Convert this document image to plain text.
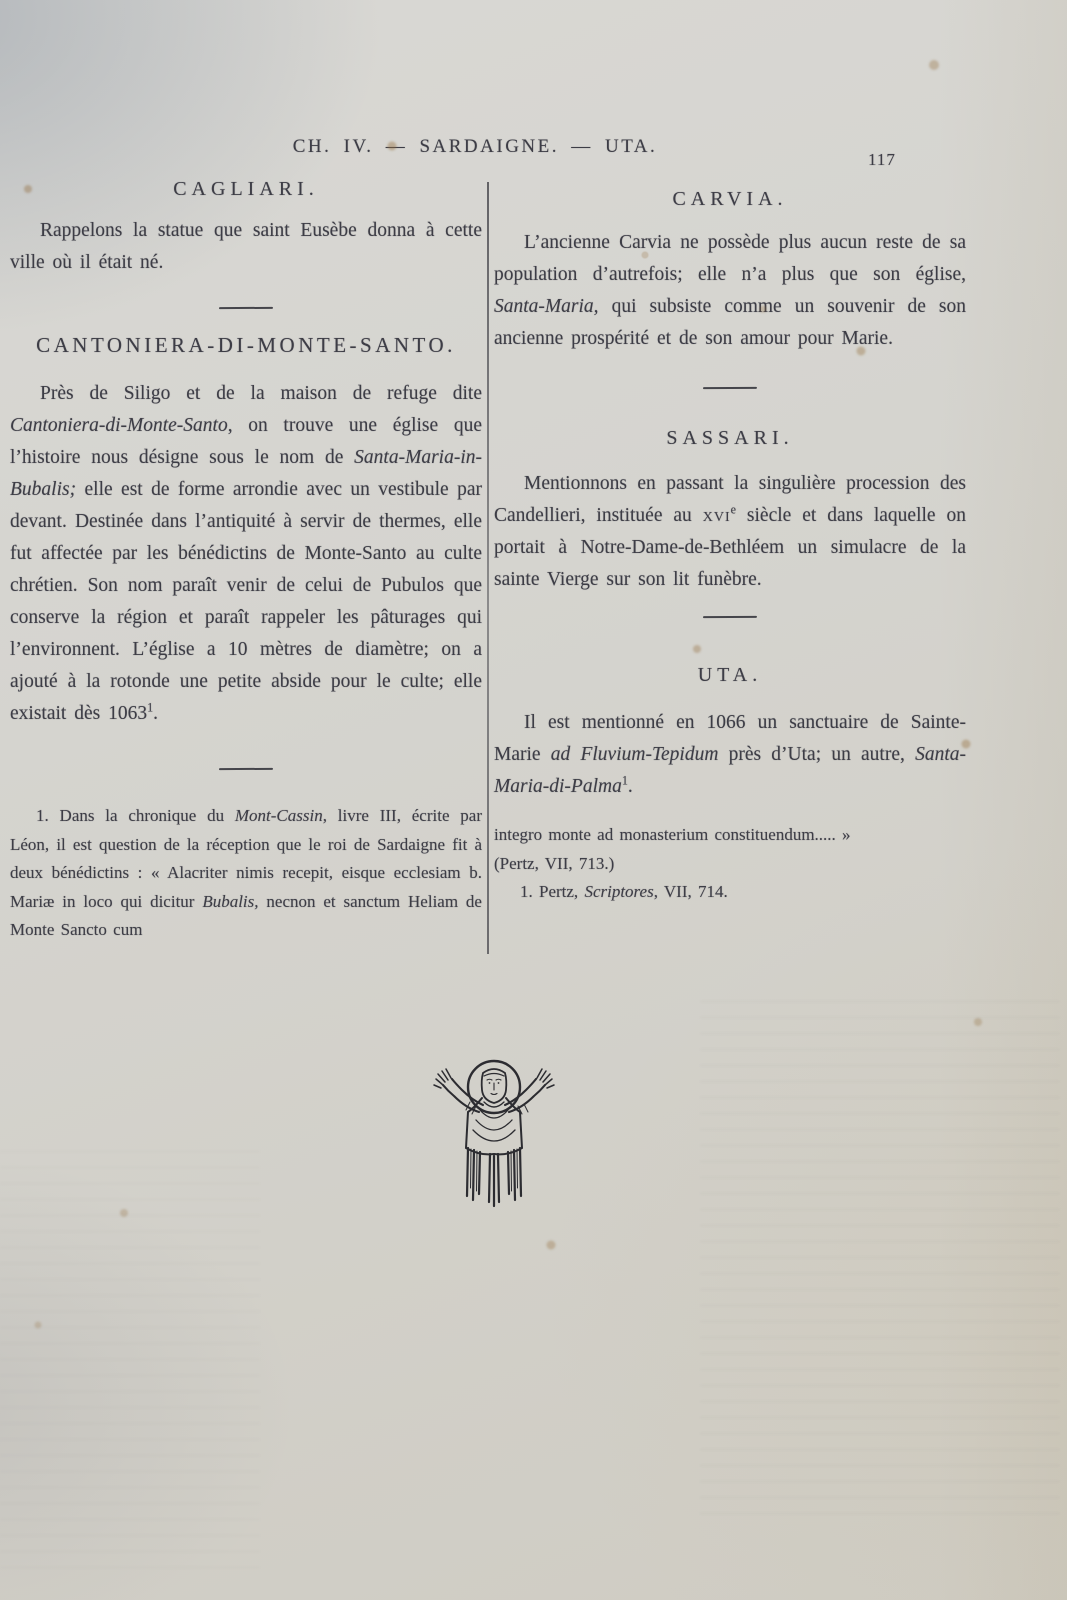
CH. IV. — SARDAIGNE. — UTA.
117
CAGLIARI.

Rappelons la statue que saint Eusèbe donna à cette ville où il était né.

CANTONIERA-DI-MONTE-SANTO.

Près de Siligo et de la maison de refuge dite Cantoniera-di-Monte-Santo, on trouve une église que l’histoire nous désigne sous le nom de Santa-Maria-in-Bubalis; elle est de forme arrondie avec un vestibule par devant. Destinée dans l’antiquité à servir de thermes, elle fut affectée par les bénédictins de Monte-Santo au culte chrétien. Son nom paraît venir de celui de Pubulos que conserve la région et paraît rappeler les pâturages qui l’environnent. L’église a 10 mètres de diamètre; on a ajouté à la rotonde une petite abside pour le culte; elle existait dès 1063$^1$.

1. Dans la chronique du Mont-Cassin, livre III, écrite par Léon, il est question de la réception que le roi de Sardaigne fit à deux bénédictins : « Alacriter nimis recepit, eisque ecclesiam b. Mariæ in loco qui dicitur Bubalis, necnon et sanctum Heliam de Monte Sancto cum

CARVIA.

L’ancienne Carvia ne possède plus aucun reste de sa population d’autrefois; elle n’a plus que son église, Santa-Maria, qui subsiste comme un souvenir de son ancienne prospérité et de son amour pour Marie.

SASSARI.

Mentionnons en passant la singulière procession des Candellieri, instituée au xvi$^e$ siècle et dans laquelle on portait à Notre-Dame-de-Bethléem un simulacre de la sainte Vierge sur son lit funèbre.

UTA.

Il est mentionné en 1066 un sanctuaire de Sainte-Marie ad Fluvium-Tepidum près d’Uta; un autre, Santa-Maria-di-Palma$^1$.

integro monte ad monasterium constituendum..... »

(Pertz, VII, 713.)

1. Pertz, Scriptores, VII, 714.
